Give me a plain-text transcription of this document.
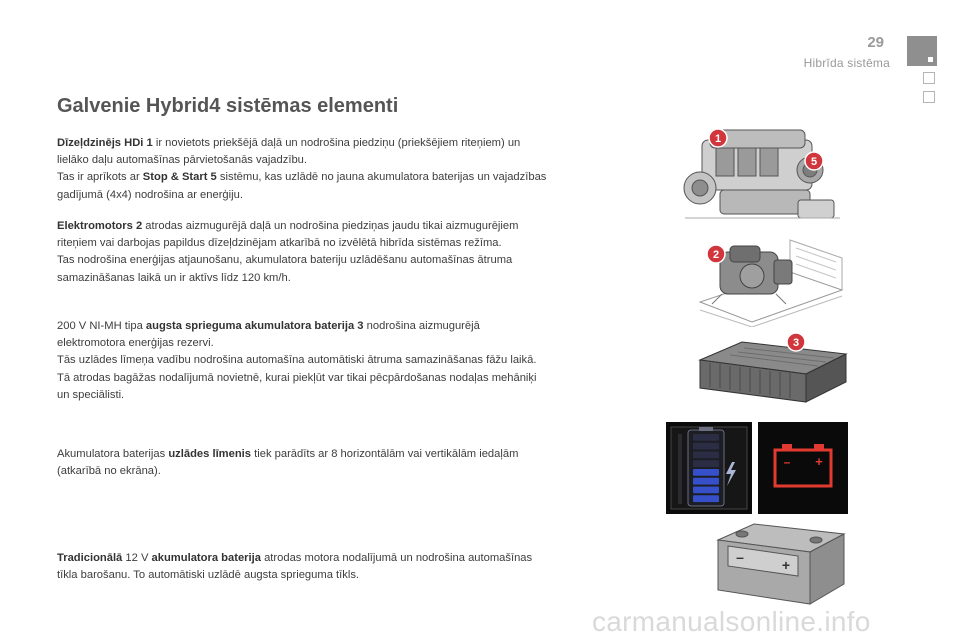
29
Hibrīda sistēma
Galvenie Hybrid4 sistēmas elementi
Dīzeļdzinējs HDi 1 ir novietots priekšējā daļā un nodrošina piedziņu (priekšējiem riteņiem) un
lielāko daļu automašīnas pārvietošanās vajadzību.
Tas ir aprīkots ar Stop & Start 5 sistēmu, kas uzlādē no jauna akumulatora baterijas un vajadzības
gadījumā (4x4) nodrošina ar enerģiju.
Elektromotors 2 atrodas aizmugurējā daļā un nodrošina piedziņas jaudu tikai aizmugurējiem
riteņiem vai darbojas papildus dīzeļdzinējam atkarībā no izvēlētā hibrīda sistēmas režīma.
Tas nodrošina enerģijas atjaunošanu, akumulatora bateriju uzlādēšanu automašīnas ātruma
samazināšanas laikā un ir aktīvs līdz 120 km/h.
200 V NI-MH tipa augsta sprieguma akumulatora baterija 3 nodrošina aizmugurējā
elektromotora enerģijas rezervi.
Tās uzlādes līmeņa vadību nodrošina automašīna automātiski ātruma samazināšanas fāžu laikā.
Tā atrodas bagāžas nodalījumā novietnē, kurai piekļūt var tikai pēcpārdošanas nodaļas mehāniķi
un speciālisti.
Akumulatora baterijas uzlādes līmenis tiek parādīts ar 8 horizontālām vai vertikālām iedaļām
(atkarībā no ekrāna).
Tradicionālā 12 V akumulatora baterija atrodas motora nodalījumā un nodrošina automašīnas
tīkla barošanu. To automātiski uzlādē augsta sprieguma tīkls.
1
5
2
3
– +
–	+
carmanualsonline.info
